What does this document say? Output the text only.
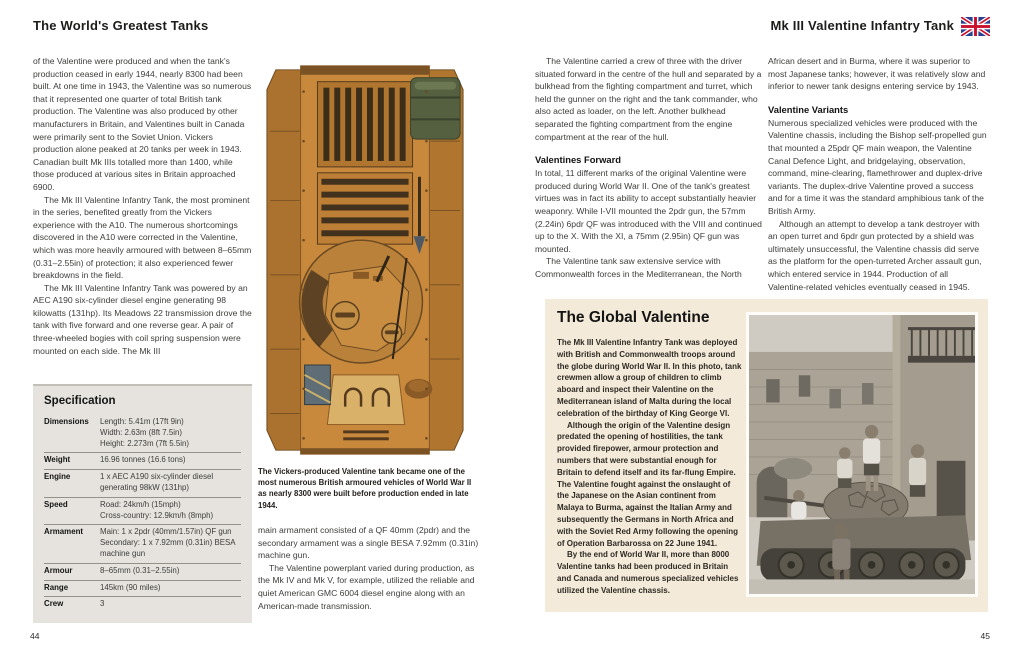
The World's Greatest Tanks	Mk III Valentine Infantry Tank

of the Valentine were produced and when the tank's production ceased in early 1944, nearly 8300 had been built. At one time in 1943, the Valentine was so numerous that it represented one quarter of total British tank production. The Valentine was also produced by other manufacturers in Britain, and Valentines built in Canada were primarily sent to the Soviet Union. Vickers production alone peaked at 20 tanks per week in 1943. Canadian built Mk IIIs totalled more than 1400, while those produced at various sites in Britain approached 6900.

The Mk III Valentine Infantry Tank, the most prominent in the series, benefited greatly from the Vickers experience with the A10. The numerous shortcomings discovered in the A10 were corrected in the Valentine, which was more heavily armoured with between 8–65mm (0.31–2.55in) of protection; it also experienced fewer breakdowns in the field.

The Mk III Valentine Infantry Tank was powered by an AEC A190 six-cylinder diesel engine generating 98 kilowatts (131hp). Its Meadows 22 transmission drove the tank with five forward and one reverse gear. A pair of three-wheeled bogies with coil spring suspension were mounted on each side. The Mk III

Specification
Dimensions	Length: 5.41m (17ft 9in)
Width: 2.63m (8ft 7.5in)
Height: 2.273m (7ft 5.5in)
Weight	16.96 tonnes (16.6 tons)
Engine	1 x AEC A190 six-cylinder diesel generating 98kW (131hp)
Speed	Road: 24km/h (15mph)
Cross-country: 12.9km/h (8mph)
Armament	Main: 1 x 2pdr (40mm/1.57in) QF gun
Secondary: 1 x 7.92mm (0.31in) BESA machine gun
Armour	8–65mm (0.31–2.55in)
Range	145km (90 miles)
Crew	3
The Vickers-produced Valentine tank became one of the most numerous British armoured vehicles of World War II as nearly 8300 were built before production ended in late 1944.

main armament consisted of a QF 40mm (2pdr) and the secondary armament was a single BESA 7.92mm (0.31in) machine gun.

The Valentine powerplant varied during production, as the Mk IV and Mk V, for example, utilized the reliable and quiet American GMC 6004 diesel engine along with an American-made transmission.

The Valentine carried a crew of three with the driver situated forward in the centre of the hull and separated by a bulkhead from the fighting compartment and turret, which held the gunner on the right and the tank commander, who also acted as loader, on the left. Another bulkhead separated the fighting compartment from the engine compartment at the rear of the hull.

Valentines Forward

In total, 11 different marks of the original Valentine were produced during World War II. One of the tank's greatest virtues was in fact its ability to accept substantially heavier weaponry. While I-VII mounted the 2pdr gun, the 57mm (2.24in) 6pdr QF was introduced with the VIII and continued up to the X. With the XI, a 75mm (2.95in) QF gun was mounted.

The Valentine tank saw extensive service with Commonwealth forces in the Mediterranean, the North

African desert and in Burma, where it was superior to most Japanese tanks; however, it was relatively slow and inferior to newer tank designs entering service by 1943.

Valentine Variants

Numerous specialized vehicles were produced with the Valentine chassis, including the Bishop self-propelled gun that mounted a 25pdr QF main weapon, the Valentine Canal Defence Light, and bridgelaying, observation, command, mine-clearing, flamethrower and duplex-drive variants. The duplex-drive Valentine proved a success and for a time it was the standard amphibious tank of the British Army.

Although an attempt to develop a tank destroyer with an open turret and 6pdr gun protected by a shield was ultimately unsuccessful, the Valentine chassis did serve as the platform for the open-turreted Archer assault gun, which entered service in 1944. Production of all Valentine-related vehicles eventually ceased in 1945.

The Global Valentine

The Mk III Valentine Infantry Tank was deployed with British and Commonwealth troops around the globe during World War II. In this photo, tank crewmen allow a group of children to climb aboard and inspect their Valentine on the Mediterranean island of Malta during the local celebration of the birthday of King George VI.

Although the origin of the Valentine design predated the opening of hostilities, the tank provided firepower, armour protection and numbers that were substantial enough for Britain to defend itself and its far-flung Empire. The Valentine fought against the onslaught of the Japanese on the Asian continent from Malaya to Burma, against the Italian Army and subsequently the Germans in North Africa and with the Soviet Red Army following the opening of Operation Barbarossa on 22 June 1941.

By the end of World War II, more than 8000 Valentine tanks had been produced in Britain and Canada and numerous specialized vehicles utilized the Valentine chassis.

44	45
